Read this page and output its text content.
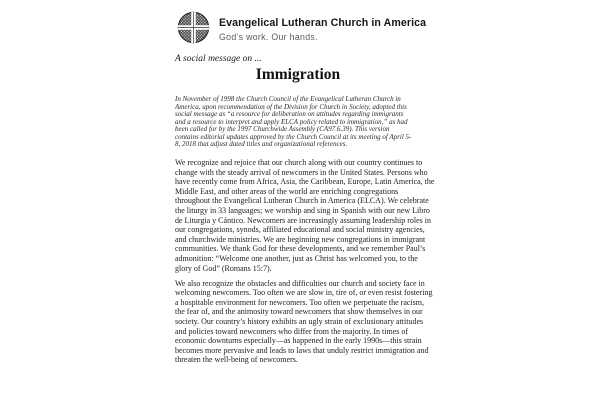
Evangelical Lutheran Church in America
God’s work. Our hands.
A social message on ...
Immigration

In November of 1998 the Church Council of the Evangelical Lutheran Church in America, upon recommendation of the Division for Church in Society, adopted this social message as “a resource for deliberation on attitudes regarding immigrants and a resource to interpret and apply ELCA policy related to immigration,” as had been called for by the 1997 Churchwide Assembly (CA97.6.39). This version contains editorial updates approved by the Church Council at its meeting of April 5-8, 2018 that adjust dated titles and organizational references.

We recognize and rejoice that our church along with our country continues to change with the steady arrival of newcomers in the United States. Persons who have recently come from Africa, Asia, the Caribbean, Europe, Latin America, the Middle East, and other areas of the world are enriching congregations throughout the Evangelical Lutheran Church in America (ELCA). We celebrate the liturgy in 33 languages; we worship and sing in Spanish with our new Libro de Liturgia y Cántico. Newcomers are increasingly assuming leadership roles in our congregations, synods, affiliated educational and social ministry agencies, and churchwide ministries. We are beginning new congregations in immigrant communities. We thank God for these developments, and we remember Paul’s admonition: “Welcome one another, just as Christ has welcomed you, to the glory of God” (Romans 15:7).

We also recognize the obstacles and difficulties our church and society face in welcoming newcomers. Too often we are slow in, tire of, or even resist fostering a hospitable environment for newcomers. Too often we perpetuate the racism, the fear of, and the animosity toward newcomers that show themselves in our society. Our country’s history exhibits an ugly strain of exclusionary attitudes and policies toward newcomers who differ from the majority. In times of economic downturns especially—as happened in the early 1990s—this strain becomes more pervasive and leads to laws that unduly restrict immigration and threaten the well-being of newcomers.
